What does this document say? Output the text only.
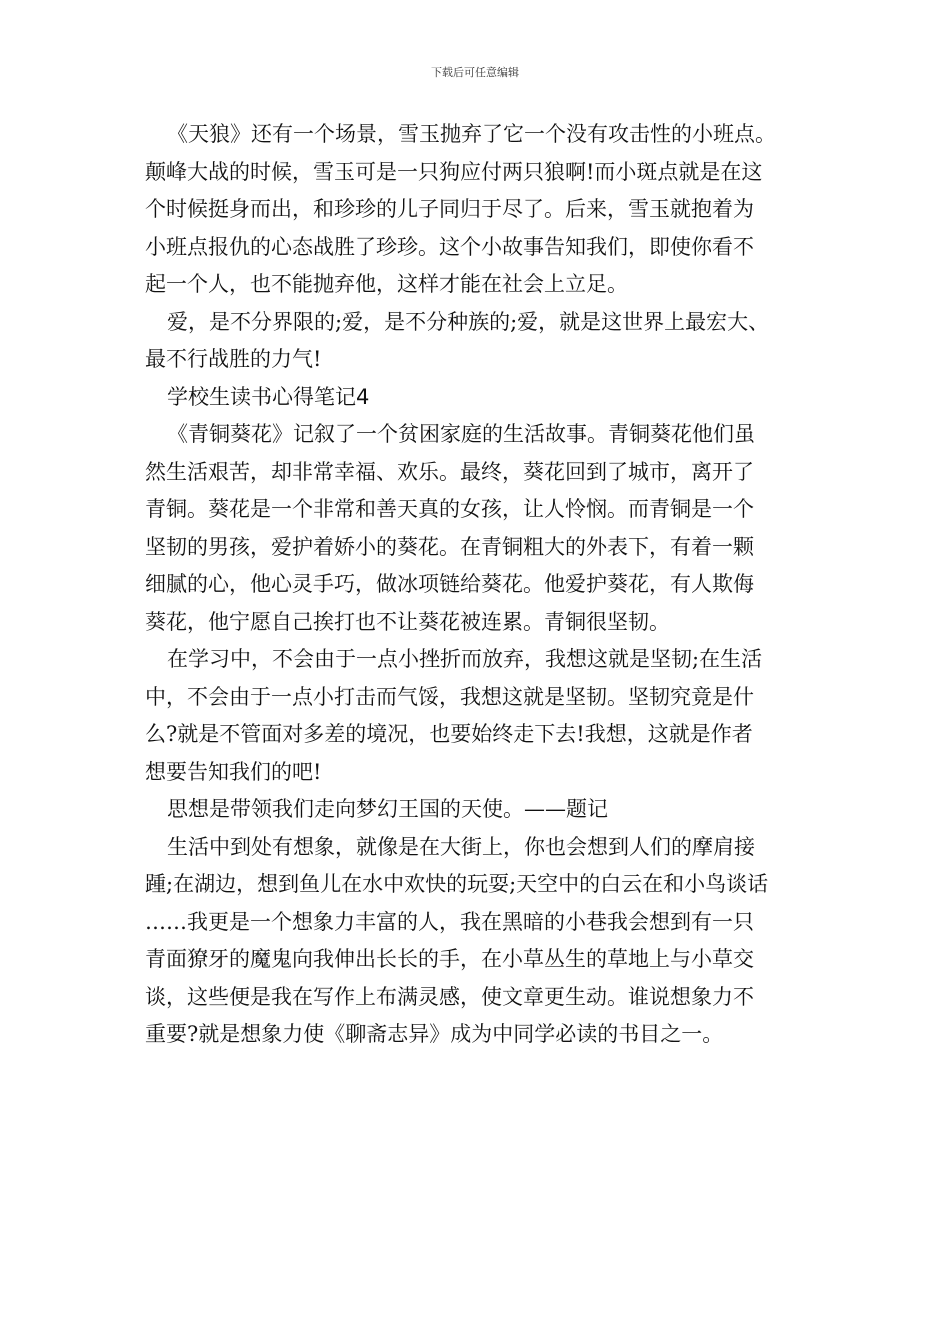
下载后可任意编辑
《天狼》还有一个场景，雪玉抛弃了它一个没有攻击性的小班点。
颠峰大战的时候，雪玉可是一只狗应付两只狼啊!而小斑点就是在这
个时候挺身而出，和珍珍的儿子同归于尽了。后来，雪玉就抱着为
小班点报仇的心态战胜了珍珍。这个小故事告知我们，即使你看不
起一个人，也不能抛弃他，这样才能在社会上立足。
爱，是不分界限的;爱，是不分种族的;爱，就是这世界上最宏大、
最不行战胜的力气!
学校生读书心得笔记4
《青铜葵花》记叙了一个贫困家庭的生活故事。青铜葵花他们虽
然生活艰苦，却非常幸福、欢乐。最终，葵花回到了城市，离开了
青铜。葵花是一个非常和善天真的女孩，让人怜悯。而青铜是一个
坚韧的男孩，爱护着娇小的葵花。在青铜粗大的外表下，有着一颗
细腻的心，他心灵手巧，做冰项链给葵花。他爱护葵花，有人欺侮
葵花，他宁愿自己挨打也不让葵花被连累。青铜很坚韧。
在学习中，不会由于一点小挫折而放弃，我想这就是坚韧;在生活
中，不会由于一点小打击而气馁，我想这就是坚韧。坚韧究竟是什
么?就是不管面对多差的境况，也要始终走下去!我想，这就是作者
想要告知我们的吧!
思想是带领我们走向梦幻王国的天使。——题记
生活中到处有想象，就像是在大街上，你也会想到人们的摩肩接
踵;在湖边，想到鱼儿在水中欢快的玩耍;天空中的白云在和小鸟谈话
……我更是一个想象力丰富的人，我在黑暗的小巷我会想到有一只
青面獠牙的魔鬼向我伸出长长的手，在小草丛生的草地上与小草交
谈，这些便是我在写作上布满灵感，使文章更生动。谁说想象力不
重要?就是想象力使《聊斋志异》成为中同学必读的书目之一。
